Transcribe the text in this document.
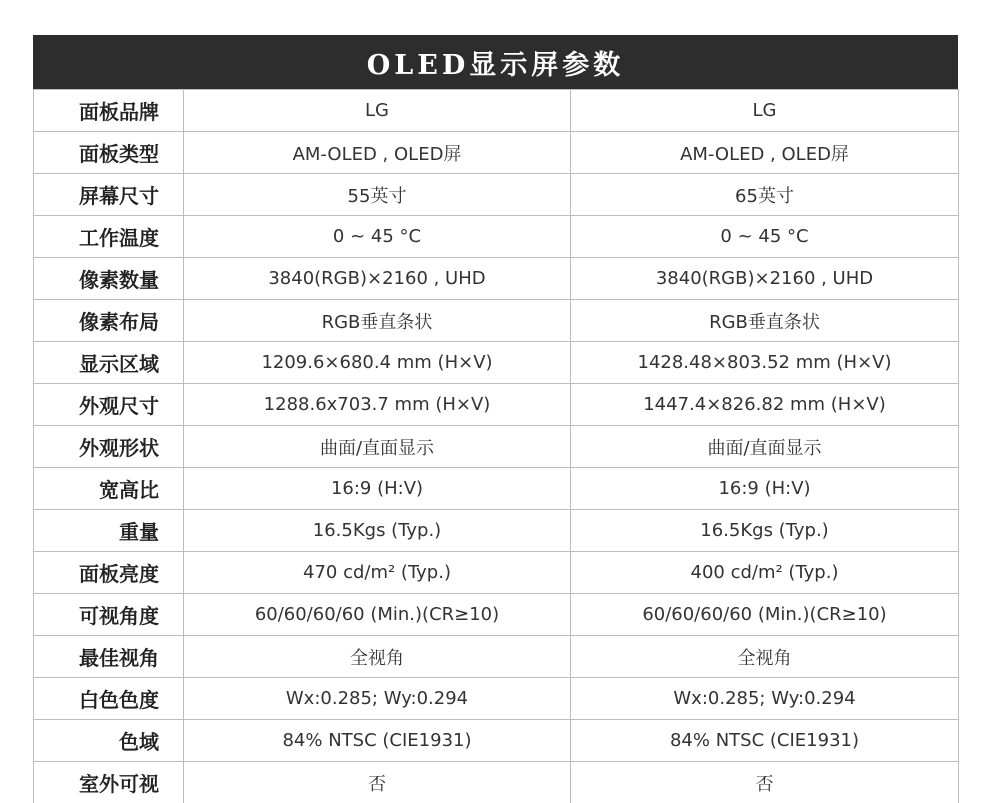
OLED显示屏参数
面板品牌	LG	LG
面板类型	AM-OLED , OLED屏	AM-OLED , OLED屏
屏幕尺寸	55英寸	65英寸
工作温度	0 ~ 45 °C	0 ~ 45 °C
像素数量	3840(RGB)×2160 , UHD	3840(RGB)×2160 , UHD
像素布局	RGB垂直条状	RGB垂直条状
显示区域	1209.6×680.4 mm (H×V)	1428.48×803.52 mm (H×V)
外观尺寸	1288.6x703.7 mm (H×V)	1447.4×826.82 mm (H×V)
外观形状	曲面/直面显示	曲面/直面显示
宽高比	16:9 (H:V)	16:9 (H:V)
重量	16.5Kgs (Typ.)	16.5Kgs (Typ.)
面板亮度	470 cd/m² (Typ.)	400 cd/m² (Typ.)
可视角度	60/60/60/60 (Min.)(CR≥10)	60/60/60/60 (Min.)(CR≥10)
最佳视角	全视角	全视角
白色色度	Wx:0.285; Wy:0.294	Wx:0.285; Wy:0.294
色域	84% NTSC (CIE1931)	84% NTSC (CIE1931)
室外可视	否	否
